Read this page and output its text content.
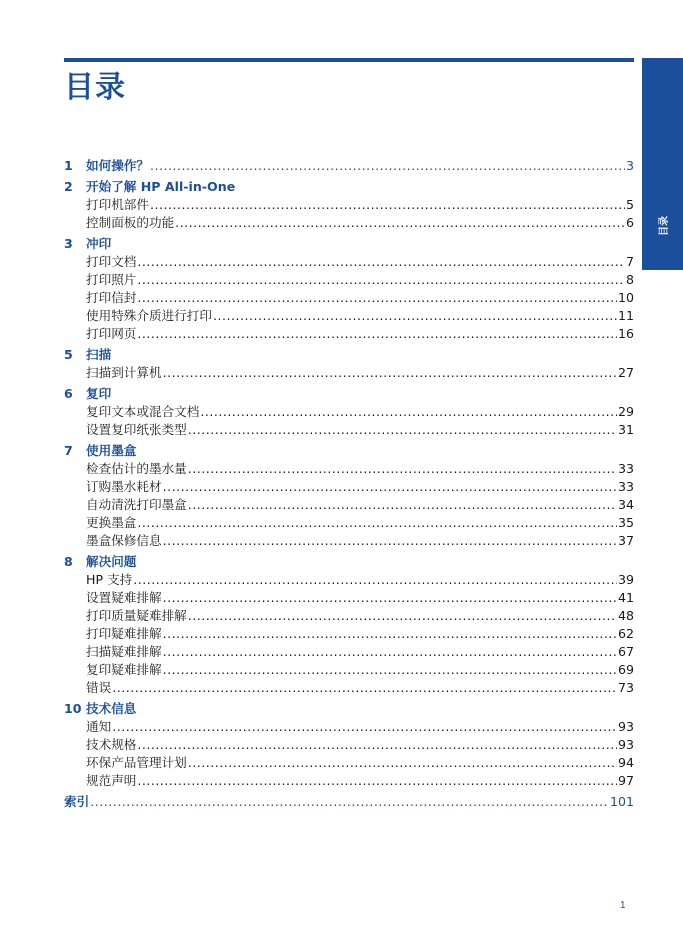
目录
目录
1	如何操作？ .....	3
2	开始了解 HP All-in-One
打印机部件 .....	5
控制面板的功能 .....	6
3	冲印
打印文档 .....	7
打印照片 .....	8
打印信封 .....	10
使用特殊介质进行打印 .....	11
打印网页 .....	16
5	扫描
扫描到计算机 .....	27
6	复印
复印文本或混合文档 .....	29
设置复印纸张类型 .....	31
7	使用墨盒
检查估计的墨水量 .....	33
订购墨水耗材 .....	33
自动清洗打印墨盒 .....	34
更换墨盒 .....	35
墨盒保修信息 .....	37
8	解决问题
HP 支持 .....	39
设置疑难排解 .....	41
打印质量疑难排解 .....	48
打印疑难排解 .....	62
扫描疑难排解 .....	67
复印疑难排解 .....	69
错误 .....	73
10 技术信息
通知 .....	93
技术规格 .....	93
环保产品管理计划 .....	94
规范声明 .....	97
索引 .....	101
1
